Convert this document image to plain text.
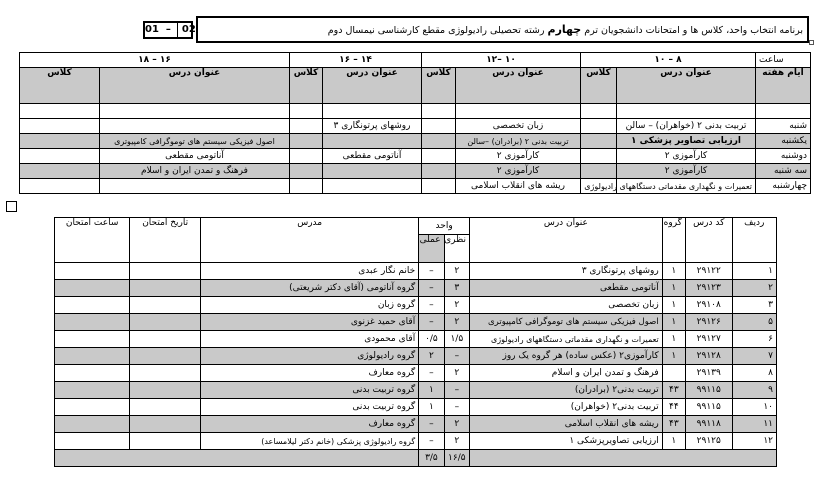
برنامه انتخاب واحد، کلاس ها و امتحانات دانشجویان ترم چهارم رشته تحصیلی رادیولوژی مقطع کارشناسی نیمسال دوم
01  –  02
ساعت	۸ – ۱۰		۱۰ –۱۲		۱۴ – ۱۶		۱۶ – ۱۸	
ایام هفته	عنوان درس	کلاس	عنوان درس	کلاس	عنوان درس	کلاس	عنوان درس	کلاس

شنبه	تربیت بدنی ۲ (خواهران) – سالن		زبان تخصصی		روشهای پرتونگاری ۳			
یکشنبه	ارزیابی تصاویر پزشکی ۱		تربیت بدنی ۲ (برادران) –سالن				اصول فیزیکی سیستم های توموگرافی کامپیوتری	
دوشنبه	کارآموزی ۲		کارآموزی ۲		آناتومی مقطعی		آناتومی مقطعی	
سه شنبه	کارآموزی ۲		کارآموزی ۲				فرهنگ و تمدن ایران و اسلام	
چهارشنبه	تعمیرات و نگهداری مقدماتی دستگاههای رادیولوژی		ریشه های انقلاب اسلامی					
ردیف	کد درس	گروه	عنوان درس	واحد		مدرس	تاریخ امتحان	ساعت امتحان
				نظری	عملی			
۱	۲۹۱۲۲	۱	روشهای پرتونگاری ۳	۲	–	خانم نگار عبدی		
۲	۲۹۱۲۳	۱	آناتومی مقطعی	۳	–	گروه آناتومی (آقای دکتر شریعتی)		
۳	۲۹۱۰۸	۱	زبان تخصصی	۲	–	گروه زبان		
۵	۲۹۱۲۶	۱	اصول فیزیکی سیستم های توموگرافی کامپیوتری	۲	–	آقای حمید غزنوی		
۶	۲۹۱۲۷	۱	تعمیرات و نگهداری مقدماتی دستگاههای رادیولوژی	۱/۵	۰/۵	آقای محمودی		
۷	۲۹۱۲۸	۱	کارآموزی۲ (عکس ساده) هر گروه یک روز	–	۲	گروه رادیولوژی		
۸	۲۹۱۳۹		فرهنگ و تمدن ایران و اسلام	۲	–	گروه معارف		
۹	۹۹۱۱۵	۴۳	تربیت بدنی۲ (برادران)	–	۱	گروه تربیت بدنی		
۱۰	۹۹۱۱۵	۴۴	تربیت بدنی۲ (خواهران)	–	۱	گروه تربیت بدنی		
۱۱	۹۹۱۱۸	۴۳	ریشه های انقلاب اسلامی	۲	–	گروه معارف		
۱۲	۲۹۱۲۵	۱	ارزیابی تصاویرپزشکی ۱	۲	–	گروه رادیولوژی پزشکی (خانم دکتر لیلامساعد)		
				۱۶/۵	۳/۵			
